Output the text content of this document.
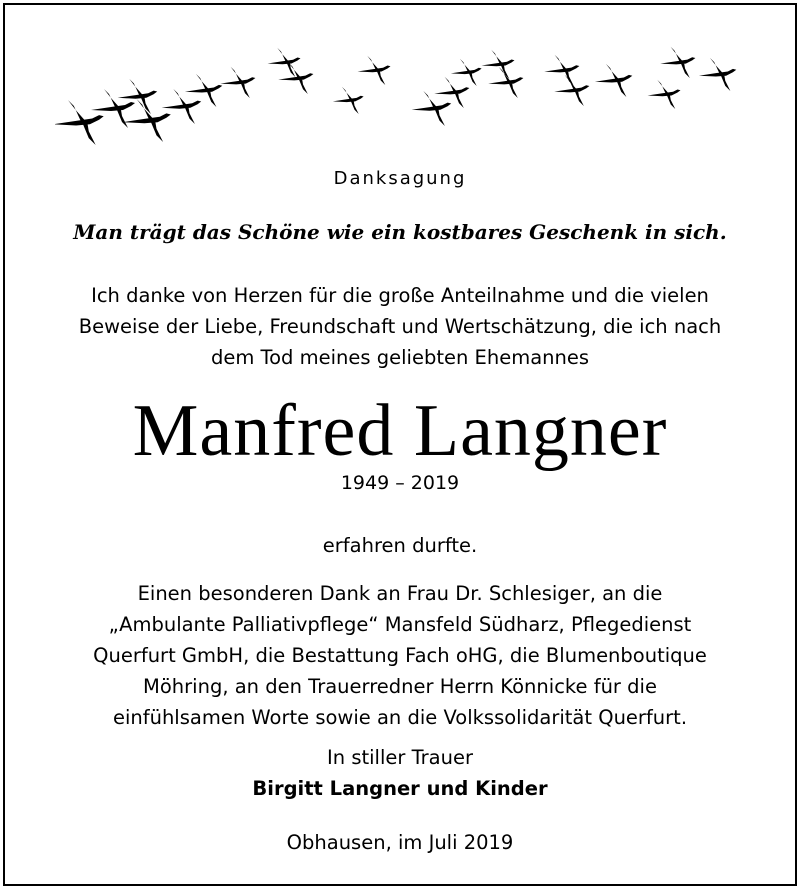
Danksagung
Man trägt das Schöne wie ein kostbares Geschenk in sich.
Ich danke von Herzen für die große Anteilnahme und die vielen
Beweise der Liebe, Freundschaft und Wertschätzung, die ich nach
dem Tod meines geliebten Ehemannes
Manfred Langner
1949 – 2019
erfahren durfte.
Einen besonderen Dank an Frau Dr. Schlesiger, an die
„Ambulante Palliativpflege“ Mansfeld Südharz, Pflegedienst
Querfurt GmbH, die Bestattung Fach oHG, die Blumenboutique
Möhring, an den Trauerredner Herrn Könnicke für die
einfühlsamen Worte sowie an die Volkssolidarität Querfurt.
In stiller Trauer
Birgitt Langner und Kinder
Obhausen, im Juli 2019
